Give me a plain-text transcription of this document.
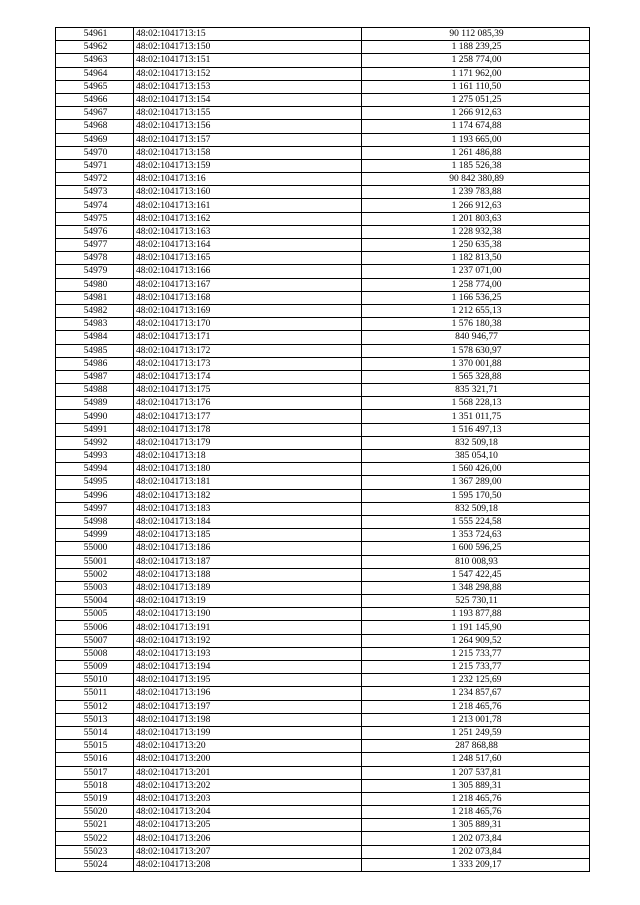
54961	48:02:1041713:15	90 112 085,39
54962	48:02:1041713:150	1 188 239,25
54963	48:02:1041713:151	1 258 774,00
54964	48:02:1041713:152	1 171 962,00
54965	48:02:1041713:153	1 161 110,50
54966	48:02:1041713:154	1 275 051,25
54967	48:02:1041713:155	1 266 912,63
54968	48:02:1041713:156	1 174 674,88
54969	48:02:1041713:157	1 193 665,00
54970	48:02:1041713:158	1 261 486,88
54971	48:02:1041713:159	1 185 526,38
54972	48:02:1041713:16	90 842 380,89
54973	48:02:1041713:160	1 239 783,88
54974	48:02:1041713:161	1 266 912,63
54975	48:02:1041713:162	1 201 803,63
54976	48:02:1041713:163	1 228 932,38
54977	48:02:1041713:164	1 250 635,38
54978	48:02:1041713:165	1 182 813,50
54979	48:02:1041713:166	1 237 071,00
54980	48:02:1041713:167	1 258 774,00
54981	48:02:1041713:168	1 166 536,25
54982	48:02:1041713:169	1 212 655,13
54983	48:02:1041713:170	1 576 180,38
54984	48:02:1041713:171	840 946,77
54985	48:02:1041713:172	1 578 630,97
54986	48:02:1041713:173	1 370 001,88
54987	48:02:1041713:174	1 565 328,88
54988	48:02:1041713:175	835 321,71
54989	48:02:1041713:176	1 568 228,13
54990	48:02:1041713:177	1 351 011,75
54991	48:02:1041713:178	1 516 497,13
54992	48:02:1041713:179	832 509,18
54993	48:02:1041713:18	385 054,10
54994	48:02:1041713:180	1 560 426,00
54995	48:02:1041713:181	1 367 289,00
54996	48:02:1041713:182	1 595 170,50
54997	48:02:1041713:183	832 509,18
54998	48:02:1041713:184	1 555 224,58
54999	48:02:1041713:185	1 353 724,63
55000	48:02:1041713:186	1 600 596,25
55001	48:02:1041713:187	810 008,93
55002	48:02:1041713:188	1 547 422,45
55003	48:02:1041713:189	1 348 298,88
55004	48:02:1041713:19	525 730,11
55005	48:02:1041713:190	1 193 877,88
55006	48:02:1041713:191	1 191 145,90
55007	48:02:1041713:192	1 264 909,52
55008	48:02:1041713:193	1 215 733,77
55009	48:02:1041713:194	1 215 733,77
55010	48:02:1041713:195	1 232 125,69
55011	48:02:1041713:196	1 234 857,67
55012	48:02:1041713:197	1 218 465,76
55013	48:02:1041713:198	1 213 001,78
55014	48:02:1041713:199	1 251 249,59
55015	48:02:1041713:20	287 868,88
55016	48:02:1041713:200	1 248 517,60
55017	48:02:1041713:201	1 207 537,81
55018	48:02:1041713:202	1 305 889,31
55019	48:02:1041713:203	1 218 465,76
55020	48:02:1041713:204	1 218 465,76
55021	48:02:1041713:205	1 305 889,31
55022	48:02:1041713:206	1 202 073,84
55023	48:02:1041713:207	1 202 073,84
55024	48:02:1041713:208	1 333 209,17
